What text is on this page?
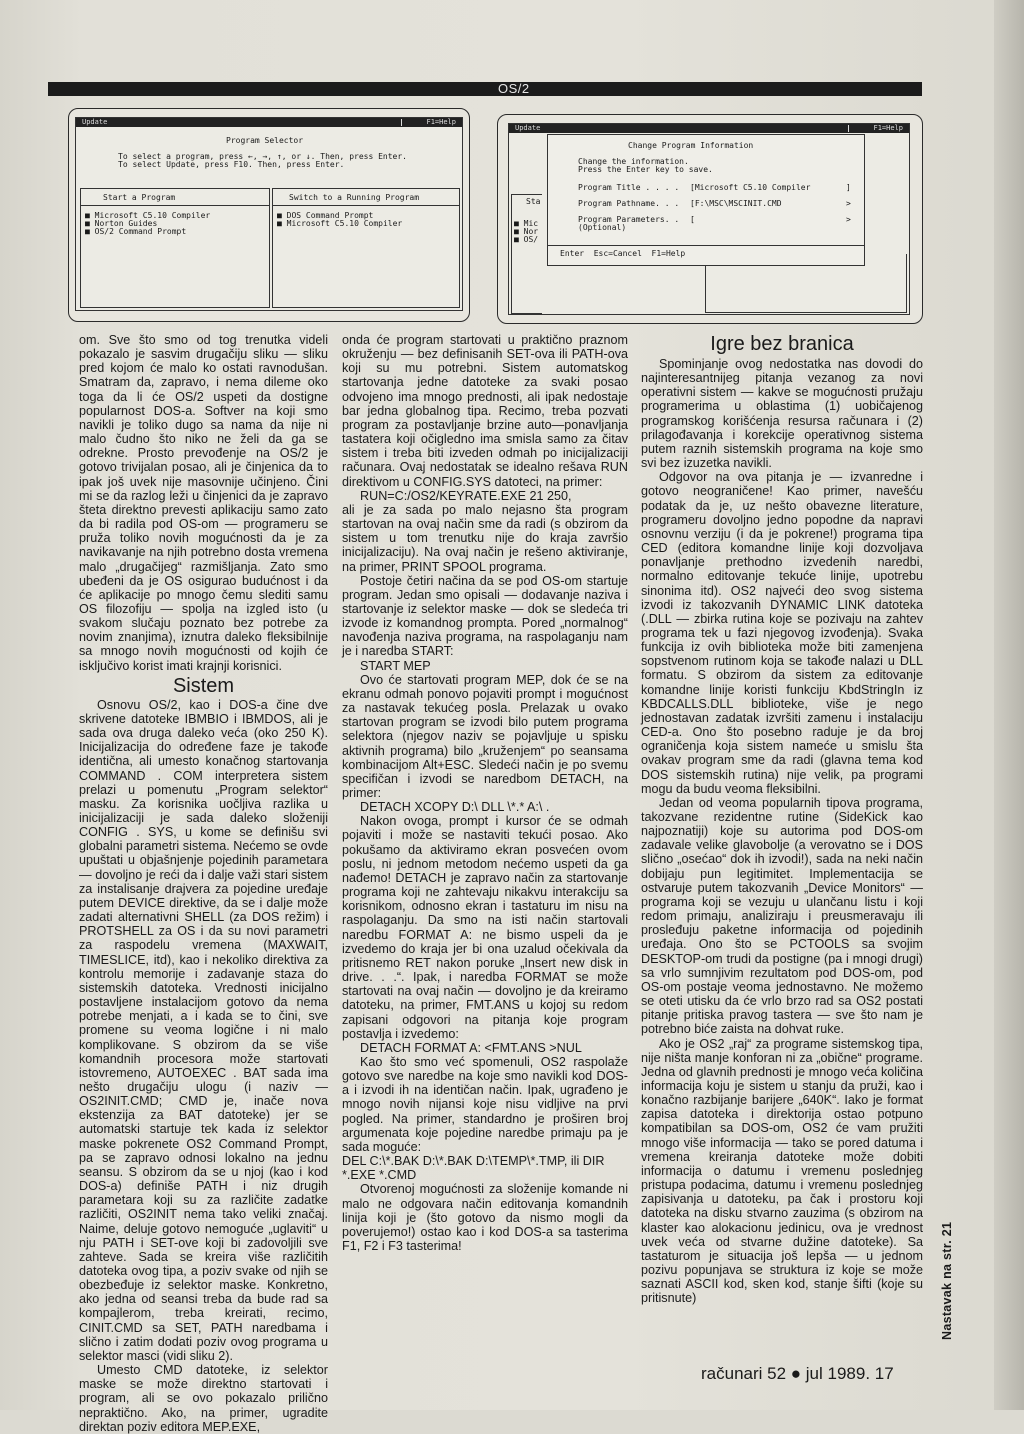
OS/2
Update	F1=Help
Program Selector
To select a program, press ←, →, ↑, or ↓. Then, press Enter.
To select Update, press F10. Then, press Enter.
Start a Program
■ Microsoft C5.10 Compiler
■ Norton Guides
■ OS/2 Command Prompt
Switch to a Running Program
■ DOS Command Prompt
■ Microsoft C5.10 Compiler
Update	F1=Help
Sta
■ Mic
■ Nor
■ OS/
Change Program Information
Change the information.
Press the Enter key to save.
Program Title . . . . [Microsoft C5.10 Compiler	]
Program Pathname. . . [F:\MSC\MSCINIT.CMD	>
Program Parameters. . [	>
(Optional)
Enter  Esc=Cancel  F1=Help

om. Sve što smo od tog trenutka videli pokazalo je sasvim drugačiju sliku — sliku pred kojom će malo ko ostati ravnodušan. Smatram da, zapravo, i nema dileme oko toga da li će OS/2 uspeti da dostigne popularnost DOS-a. Softver na koji smo navikli je toliko dugo sa nama da nije ni malo čudno što niko ne želi da ga se odrekne. Prosto prevođenje na OS/2 je gotovo trivijalan posao, ali je činjenica da to ipak još uvek nije masovnije učinjeno. Čini mi se da razlog leži u činjenici da je zapravo šteta direktno prevesti aplikaciju samo zato da bi radila pod OS-om — programeru se pruža toliko novih mogućnosti da je za navikavanje na njih potrebno dosta vremena malo „drugačijeg“ razmišljanja. Zato smo ubeđeni da je OS osigurao budućnost i da će aplikacije po mnogo čemu slediti samu OS filozofiju — spolja na izgled isto (u svakom slučaju poznato bez potrebe za novim znanjima), iznutra daleko fleksibilnije sa mnogo novih mogućnosti od kojih će isključivo korist imati krajnji korisnici.

Sistem

Osnovu OS/2, kao i DOS-a čine dve skrivene datoteke IBMBIO i IBMDOS, ali je sada ova druga daleko veća (oko 250 K). Inicijalizacija do određene faze je takođe identična, ali umesto konačnog startovanja COMMAND . COM interpretera sistem prelazi u pomenutu „Program selektor“ masku. Za korisnika uočljiva razlika u inicijalizaciji je sada daleko složeniji CONFIG . SYS, u kome se definišu svi globalni parametri sistema. Nećemo se ovde upuštati u objašnjenje pojedinih parametara — dovoljno je reći da i dalje važi stari sistem za instalisanje drajvera za pojedine uređaje putem DEVICE direktive, da se i dalje može zadati alternativni SHELL (za DOS režim) i PROTSHELL za OS i da su novi parametri za raspodelu vremena (MAXWAIT, TIMESLICE, itd), kao i nekoliko direktiva za kontrolu memorije i zadavanje staza do sistemskih datoteka. Vrednosti inicijalno postavljene instalacijom gotovo da nema potrebe menjati, a i kada se to čini, sve promene su veoma logične i ni malo komplikovane. S obzirom da se više komandnih procesora može startovati istovremeno, AUTOEXEC . BAT sada ima nešto drugačiju ulogu (i naziv — OS2INIT.CMD; CMD je, inače nova ekstenzija za BAT datoteke) jer se automatski startuje tek kada iz selektor maske pokrenete OS2 Command Prompt, pa se zapravo odnosi lokalno na jednu seansu. S obzirom da se u njoj (kao i kod DOS-a) definiše PATH i niz drugih parametara koji su za različite zadatke različiti, OS2INIT nema tako veliki značaj. Naime, deluje gotovo nemoguće „uglaviti“ u nju PATH i SET-ove koji bi zadovoljili sve zahteve. Sada se kreira više različitih datoteka ovog tipa, a poziv svake od njih se obezbeđuje iz selektor maske. Konkretno, ako jedna od seansi treba da bude rad sa kompajlerom, treba kreirati, recimo, CINIT.CMD sa SET, PATH naredbama i slično i zatim dodati poziv ovog programa u selektor masci (vidi sliku 2).

Umesto CMD datoteke, iz selektor maske se može direktno startovati i program, ali se ovo pokazalo prilično nepraktično. Ako, na primer, ugradite direktan poziv editora MEP.EXE,

onda će program startovati u praktično praznom okruženju — bez definisanih SET-ova ili PATH-ova koji su mu potrebni. Sistem automatskog startovanja jedne datoteke za svaki posao odvojeno ima mnogo prednosti, ali ipak nedostaje bar jedna globalnog tipa. Recimo, treba pozvati program za postavljanje brzine auto—ponavljanja tastatera koji očigledno ima smisla samo za čitav sistem i treba biti izveden odmah po inicijalizaciji računara. Ovaj nedostatak se idealno rešava RUN direktivom u CONFIG.SYS datoteci, na primer:

RUN=C:/OS2/KEYRATE.EXE 21 250,

ali je za sada po malo nejasno šta program startovan na ovaj način sme da radi (s obzirom da sistem u tom trenutku nije do kraja završio inicijalizaciju). Na ovaj način je rešeno aktiviranje, na primer, PRINT SPOOL programa.

Postoje četiri načina da se pod OS-om startuje program. Jedan smo opisali — dodavanje naziva i startovanje iz selektor maske — dok se sledeća tri izvode iz komandnog prompta. Pored „normalnog“ navođenja naziva programa, na raspolaganju nam je i naredba START:

START MEP

Ovo će startovati program MEP, dok će se na ekranu odmah ponovo pojaviti prompt i mogućnost za nastavak tekućeg posla. Prelazak u ovako startovan program se izvodi bilo putem programa selektora (njegov naziv se pojavljuje u spisku aktivnih programa) bilo „kruženjem“ po seansama kombinacijom Alt+ESC. Sledeći način je po svemu specifičan i izvodi se naredbom DETACH, na primer:

DETACH XCOPY D:\ DLL \*.* A:\ .

Nakon ovoga, prompt i kursor će se odmah pojaviti i može se nastaviti tekući posao. Ako pokušamo da aktiviramo ekran posvećen ovom poslu, ni jednom metodom nećemo uspeti da ga nađemo! DETACH je zapravo način za startovanje programa koji ne zahtevaju nikakvu interakciju sa korisnikom, odnosno ekran i tastaturu im nisu na raspolaganju. Da smo na isti način startovali naredbu FORMAT A: ne bismo uspeli da je izvedemo do kraja jer bi ona uzalud očekivala da pritisnemo RET nakon poruke „Insert new disk in drive. . .“. Ipak, i naredba FORMAT se može startovati na ovaj način — dovoljno je da kreiramo datoteku, na primer, FMT.ANS u kojoj su redom zapisani odgovori na pitanja koje program postavlja i izvedemo:

DETACH FORMAT A: <FMT.ANS >NUL

Kao što smo već spomenuli, OS2 raspolaže gotovo sve naredbe na koje smo navikli kod DOS-a i izvodi ih na identičan način. Ipak, ugrađeno je mnogo novih nijansi koje nisu vidljive na prvi pogled. Na primer, standardno je proširen broj argumenata koje pojedine naredbe primaju pa je sada moguće:

DEL C:\*.BAK D:\*.BAK D:\TEMP\*.TMP, ili DIR *.EXE *.CMD

Otvorenoj mogućnosti za složenije komande ni malo ne odgovara način editovanja komandnih linija koji je (što gotovo da nismo mogli da poverujemo!) ostao kao i kod DOS-a sa tasterima F1, F2 i F3 tasterima!

Igre bez branica

Spominjanje ovog nedostatka nas dovodi do najinteresantnijeg pitanja vezanog za novi operativni sistem — kakve se mogućnosti pružaju programerima u oblastima (1) uobičajenog programskog korišćenja resursa računara i (2) prilagođavanja i korekcije operativnog sistema putem raznih sistemskih programa na koje smo svi bez izuzetka navikli.

Odgovor na ova pitanja je — izvanredne i gotovo neograničene! Kao primer, navešću podatak da je, uz nešto obavezne literature, programeru dovoljno jedno popodne da napravi osnovnu verziju (i da je pokrene!) programa tipa CED (editora komandne linije koji dozvoljava ponavljanje prethodno izvedenih naredbi, normalno editovanje tekuće linije, upotrebu sinonima itd). OS2 najveći deo svog sistema izvodi iz takozvanih DYNAMIC LINK datoteka (.DLL — zbirka rutina koje se pozivaju na zahtev programa tek u fazi njegovog izvođenja). Svaka funkcija iz ovih biblioteka može biti zamenjena sopstvenom rutinom koja se takođe nalazi u DLL formatu. S obzirom da sistem za editovanje komandne linije koristi funkciju KbdStringIn iz KBDCALLS.DLL biblioteke, više je nego jednostavan zadatak izvršiti zamenu i instalaciju CED-a. Ono što posebno raduje je da broj ograničenja koja sistem nameće u smislu šta ovakav program sme da radi (glavna tema kod DOS sistemskih rutina) nije velik, pa programi mogu da budu veoma fleksibilni.

Jedan od veoma popularnih tipova programa, takozvane rezidentne rutine (SideKick kao najpoznatiji) koje su autorima pod DOS-om zadavale velike glavobolje (a verovatno se i DOS slično „osećao“ dok ih izvodi!), sada na neki način dobijaju pun legitimitet. Implementacija se ostvaruje putem takozvanih „Device Monitors“ — programa koji se vezuju u ulančanu listu i koji redom primaju, analiziraju i preusmeravaju ili prosleđuju paketne informacija od pojedinih uređaja. Ono što se PCTOOLS sa svojim DESKTOP-om trudi da postigne (pa i mnogi drugi) sa vrlo sumnjivim rezultatom pod DOS-om, pod OS-om postaje veoma jednostavno. Ne možemo se oteti utisku da će vrlo brzo rad sa OS2 postati pitanje pritiska pravog tastera — sve što nam je potrebno biće zaista na dohvat ruke.

Ako je OS2 „raj“ za programe sistemskog tipa, nije ništa manje konforan ni za „obične“ programe. Jedna od glavnih prednosti je mnogo veća količina informacija koju je sistem u stanju da pruži, kao i konačno razbijanje barijere „640K“. Iako je format zapisa datoteka i direktorija ostao potpuno kompatibilan sa DOS-om, OS2 će vam pružiti mnogo više informacija — tako se pored datuma i vremena kreiranja datoteke može dobiti informacija o datumu i vremenu poslednjeg pristupa podacima, datumu i vremenu poslednjeg zapisivanja u datoteku, pa čak i prostoru koji datoteka na disku stvarno zauzima (s obzirom na klaster kao alokacionu jedinicu, ova je vrednost uvek veća od stvarne dužine datoteke). Sa tastaturom je situacija još lepša — u jednom pozivu popunjava se struktura iz koje se može saznati ASCII kod, sken kod, stanje šifti (koje su pritisnute)

računari 52 ● jul 1989. 17
Nastavak na str. 21
